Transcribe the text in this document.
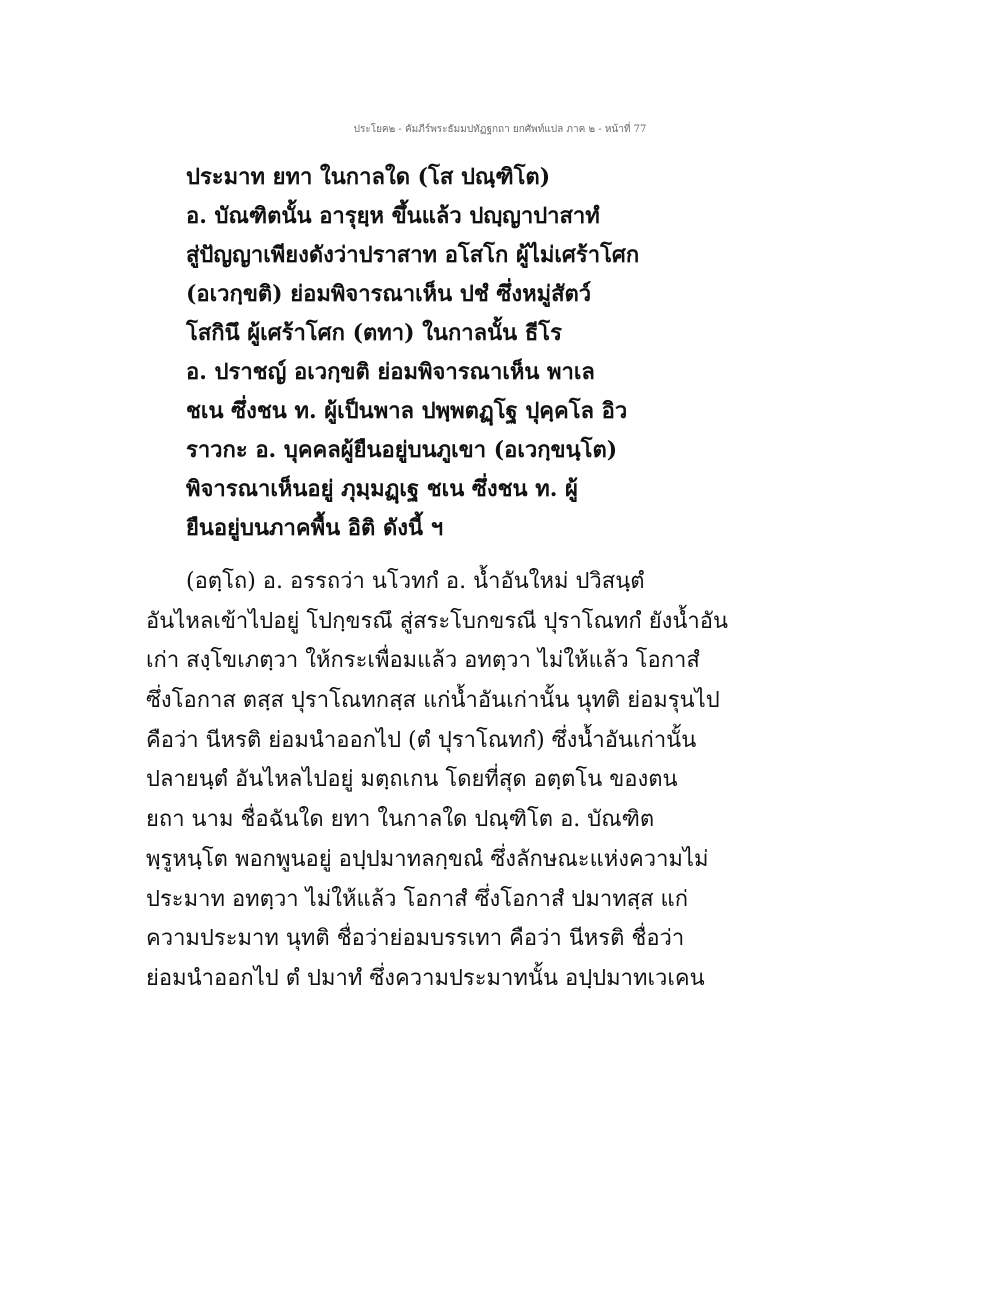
ประโยค๒ - คัมภีร์พระธัมมปทัฏฐกถา ยกศัพท์แปล ภาค ๒ - หน้าที่ 77
ประมาท ยทา ในกาลใด (โส ปณฺฑิโต)
อ. บัณฑิตนั้น อารุยฺห ขึ้นแล้ว ปญฺญาปาสาทํ
สู่ปัญญาเพียงดังว่าปราสาท อโสโก ผู้ไม่เศร้าโศก
(อเวกฺขติ) ย่อมพิจารณาเห็น ปชํ ซึ่งหมู่สัตว์
โสกินึ ผู้เศร้าโศก (ตทา) ในกาลนั้น ธีโร
อ. ปราชญ์ อเวกฺขติ ย่อมพิจารณาเห็น พาเล
ชเน ซึ่งชน ท. ผู้เป็นพาล ปพฺพตฏฺโฐ ปุคฺคโล อิว
ราวกะ อ. บุคคลผู้ยืนอยู่บนภูเขา (อเวกฺขนฺโต)
พิจารณาเห็นอยู่ ภุมฺมฏฺเฐ ชเน ซึ่งชน ท. ผู้
ยืนอยู่บนภาคพื้น อิติ ดังนี้ ฯ
(อตฺโถ) อ. อรรถว่า นโวทกํ อ. น้ำอันใหม่ ปวิสนฺตํ
อันไหลเข้าไปอยู่ โปกฺขรณึ สู่สระโบกขรณี ปุราโณทกํ ยังน้ำอัน
เก่า สงฺโขเภตฺวา ให้กระเพื่อมแล้ว อทตฺวา ไม่ให้แล้ว โอกาสํ
ซึ่งโอกาส ตสฺส ปุราโณทกสฺส แก่น้ำอันเก่านั้น นุทติ ย่อมรุนไป
คือว่า นีหรติ ย่อมนำออกไป (ตํ ปุราโณทกํ) ซึ่งน้ำอันเก่านั้น
ปลายนฺตํ อันไหลไปอยู่ มตฺถเกน โดยที่สุด อตฺตโน ของตน
ยถา นาม ชื่อฉันใด ยทา ในกาลใด ปณฺฑิโต อ. บัณฑิต
พฺรูหนฺโต พอกพูนอยู่ อปฺปมาทลกฺขณํ ซึ่งลักษณะแห่งความไม่
ประมาท อทตฺวา ไม่ให้แล้ว โอกาสํ ซึ่งโอกาสํ ปมาทสฺส แก่
ความประมาท นุทติ ชื่อว่าย่อมบรรเทา คือว่า นีหรติ ชื่อว่า
ย่อมนำออกไป ตํ ปมาทํ ซึ่งความประมาทนั้น อปฺปมาทเวเคน
